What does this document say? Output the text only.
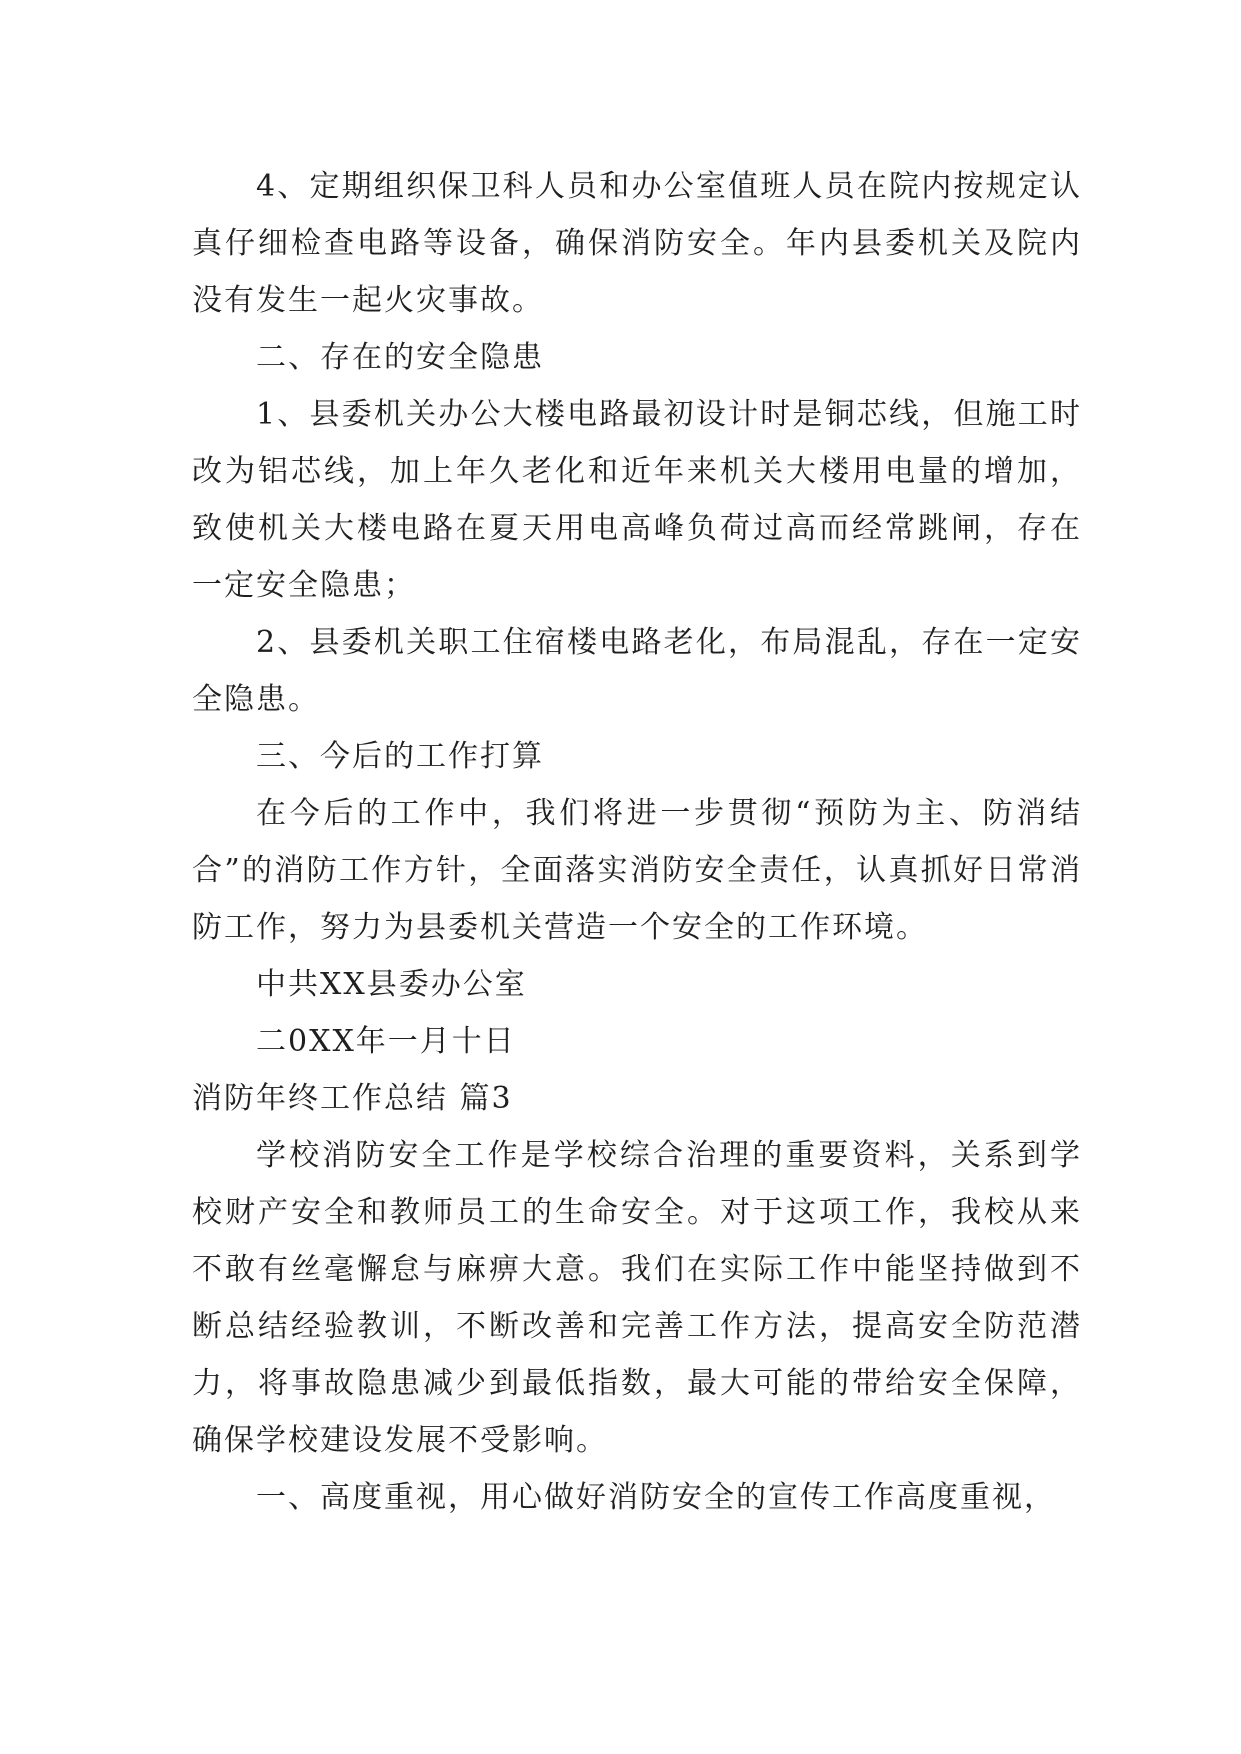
4、定期组织保卫科人员和办公室值班人员在院内按规定认真仔细检查电路等设备，确保消防安全。年内县委机关及院内没有发生一起火灾事故。

二、存在的安全隐患

1、县委机关办公大楼电路最初设计时是铜芯线，但施工时改为铝芯线，加上年久老化和近年来机关大楼用电量的增加，致使机关大楼电路在夏天用电高峰负荷过高而经常跳闸，存在一定安全隐患；

2、县委机关职工住宿楼电路老化，布局混乱，存在一定安全隐患。

三、今后的工作打算

在今后的工作中，我们将进一步贯彻“预防为主、防消结合”的消防工作方针，全面落实消防安全责任，认真抓好日常消防工作，努力为县委机关营造一个安全的工作环境。

中共XX县委办公室

二0XX年一月十日

消防年终工作总结 篇3

学校消防安全工作是学校综合治理的重要资料，关系到学校财产安全和教师员工的生命安全。对于这项工作，我校从来不敢有丝毫懈怠与麻痹大意。我们在实际工作中能坚持做到不断总结经验教训，不断改善和完善工作方法，提高安全防范潜力，将事故隐患减少到最低指数，最大可能的带给安全保障，确保学校建设发展不受影响。

一、高度重视，用心做好消防安全的宣传工作高度重视，
